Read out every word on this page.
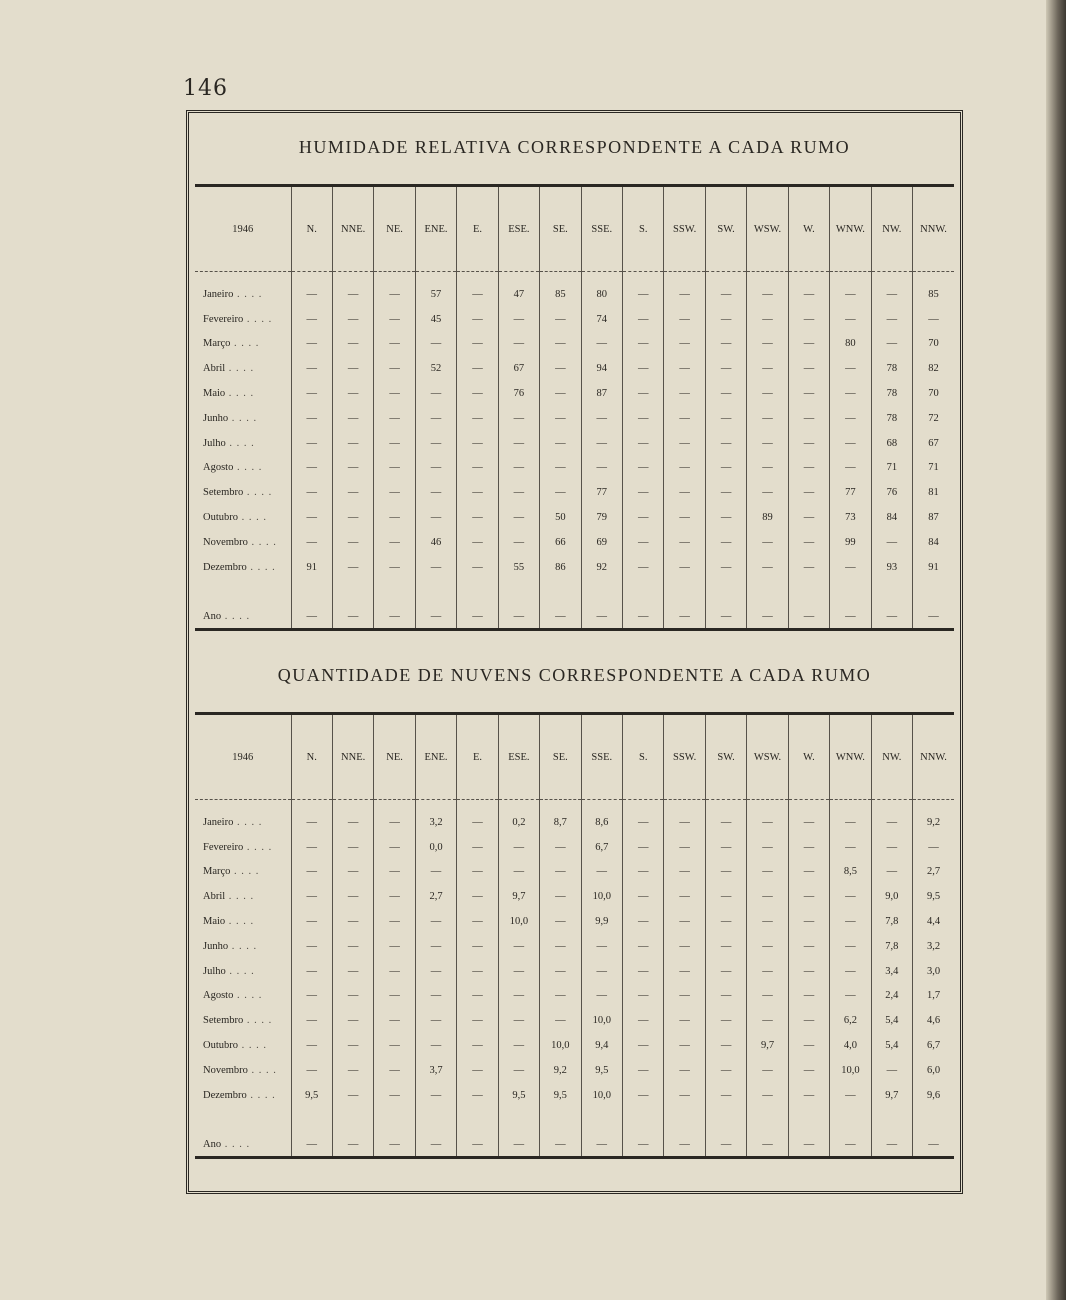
146
HUMIDADE RELATIVA CORRESPONDENTE A CADA RUMO
1946	N.	NNE.	NE.	ENE.	E.	ESE.	SE.	SSE.	S.	SSW.	SW.	WSW.	W.	WNW.	NW.	NNW.

Janeiro . . . .	—	—	—	57	—	47	85	80	—	—	—	—	—	—	—	85
Fevereiro . . . .	—	—	—	45	—	—	—	74	—	—	—	—	—	—	—	—
Março . . . .	—	—	—	—	—	—	—	—	—	—	—	—	—	80	—	70
Abril . . . .	—	—	—	52	—	67	—	94	—	—	—	—	—	—	78	82
Maio . . . .	—	—	—	—	—	76	—	87	—	—	—	—	—	—	78	70
Junho . . . .	—	—	—	—	—	—	—	—	—	—	—	—	—	—	78	72
Julho . . . .	—	—	—	—	—	—	—	—	—	—	—	—	—	—	68	67
Agosto . . . .	—	—	—	—	—	—	—	—	—	—	—	—	—	—	71	71
Setembro . . . .	—	—	—	—	—	—	—	77	—	—	—	—	—	77	76	81
Outubro . . . .	—	—	—	—	—	—	50	79	—	—	—	89	—	73	84	87
Novembro . . . .	—	—	—	46	—	—	66	69	—	—	—	—	—	99	—	84
Dezembro . . . .	91	—	—	—	—	55	86	92	—	—	—	—	—	—	93	91
Ano . . . .	—	—	—	—	—	—	—	—	—	—	—	—	—	—	—	—
QUANTIDADE DE NUVENS CORRESPONDENTE A CADA RUMO
1946	N.	NNE.	NE.	ENE.	E.	ESE.	SE.	SSE.	S.	SSW.	SW.	WSW.	W.	WNW.	NW.	NNW.

Janeiro . . . .	—	—	—	3,2	—	0,2	8,7	8,6	—	—	—	—	—	—	—	9,2
Fevereiro . . . .	—	—	—	0,0	—	—	—	6,7	—	—	—	—	—	—	—	—
Março . . . .	—	—	—	—	—	—	—	—	—	—	—	—	—	8,5	—	2,7
Abril . . . .	—	—	—	2,7	—	9,7	—	10,0	—	—	—	—	—	—	9,0	9,5
Maio . . . .	—	—	—	—	—	10,0	—	9,9	—	—	—	—	—	—	7,8	4,4
Junho . . . .	—	—	—	—	—	—	—	—	—	—	—	—	—	—	7,8	3,2
Julho . . . .	—	—	—	—	—	—	—	—	—	—	—	—	—	—	3,4	3,0
Agosto . . . .	—	—	—	—	—	—	—	—	—	—	—	—	—	—	2,4	1,7
Setembro . . . .	—	—	—	—	—	—	—	10,0	—	—	—	—	—	6,2	5,4	4,6
Outubro . . . .	—	—	—	—	—	—	10,0	9,4	—	—	—	9,7	—	4,0	5,4	6,7
Novembro . . . .	—	—	—	3,7	—	—	9,2	9,5	—	—	—	—	—	10,0	—	6,0
Dezembro . . . .	9,5	—	—	—	—	9,5	9,5	10,0	—	—	—	—	—	—	9,7	9,6
Ano . . . .	—	—	—	—	—	—	—	—	—	—	—	—	—	—	—	—
